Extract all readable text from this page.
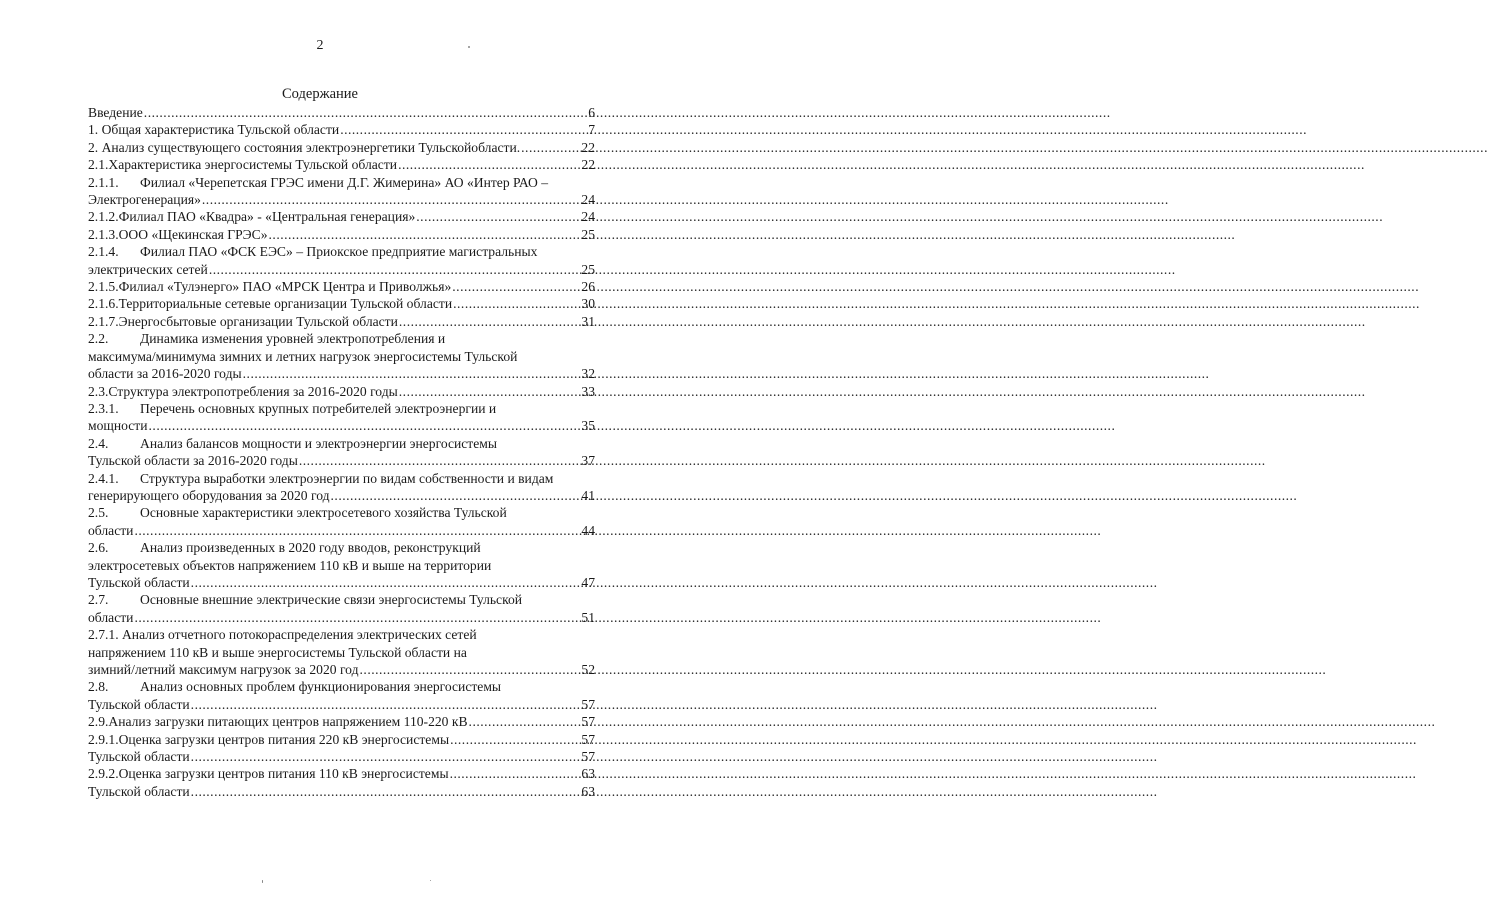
2
Содержание
Введение .....	6
1. Общая характеристика Тульской области .....	7
2. Анализ существующего состояния электроэнергетики Тульскойобласти. .....	22
2.1. Характеристика энергосистемы Тульской области .....	22
2.1.1.	Филиал «Черепетская ГРЭС имени Д.Г. Жимерина» АО «Интер РАО –
Электрогенерация» .....	24
2.1.2. Филиал ПАО «Квадра» - «Центральная генерация» .....	24
2.1.3. ООО «Щекинская ГРЭС» .....	25
2.1.4.	Филиал ПАО «ФСК ЕЭС» – Приокское предприятие магистральных
электрических сетей .....	25
2.1.5. Филиал «Тулэнерго» ПАО «МРСК Центра и Приволжья» .....	26
2.1.6. Территориальные сетевые организации Тульской области .....	30
2.1.7. Энергосбытовые организации Тульской области .....	31
2.2.	Динамика изменения уровней электропотребления и
максимума/минимума зимних и летних нагрузок энергосистемы Тульской
области за 2016-2020 годы .....	32
2.3. Структура электропотребления за 2016-2020 годы .....	33
2.3.1.	Перечень основных крупных потребителей электроэнергии и
мощности .....	35
2.4.	Анализ балансов мощности и электроэнергии энергосистемы
Тульской области за 2016-2020 годы .....	37
2.4.1.	Структура выработки электроэнергии по видам собственности и видам
генерирующего оборудования за 2020 год .....	41
2.5.	Основные характеристики электросетевого хозяйства Тульской
области .....	44
2.6.	Анализ произведенных в 2020 году вводов, реконструкций
электросетевых объектов напряжением 110 кВ и выше на территории
Тульской области .....	47
2.7.	Основные внешние электрические связи энергосистемы Тульской
области .....	51
2.7.1. Анализ отчетного потокораспределения электрических сетей
напряжением 110 кВ и выше энергосистемы Тульской области на
зимний/летний максимум нагрузок за 2020 год .....	52
2.8.	Анализ основных проблем функционирования энергосистемы
Тульской области .....	57
2.9. Анализ загрузки питающих центров напряжением 110-220 кВ .....	57
2.9.1. Оценка загрузки центров питания 220 кВ энергосистемы .....	57
Тульской области .....	57
2.9.2. Оценка загрузки центров питания 110 кВ энергосистемы .....	63
Тульской области .....	63
